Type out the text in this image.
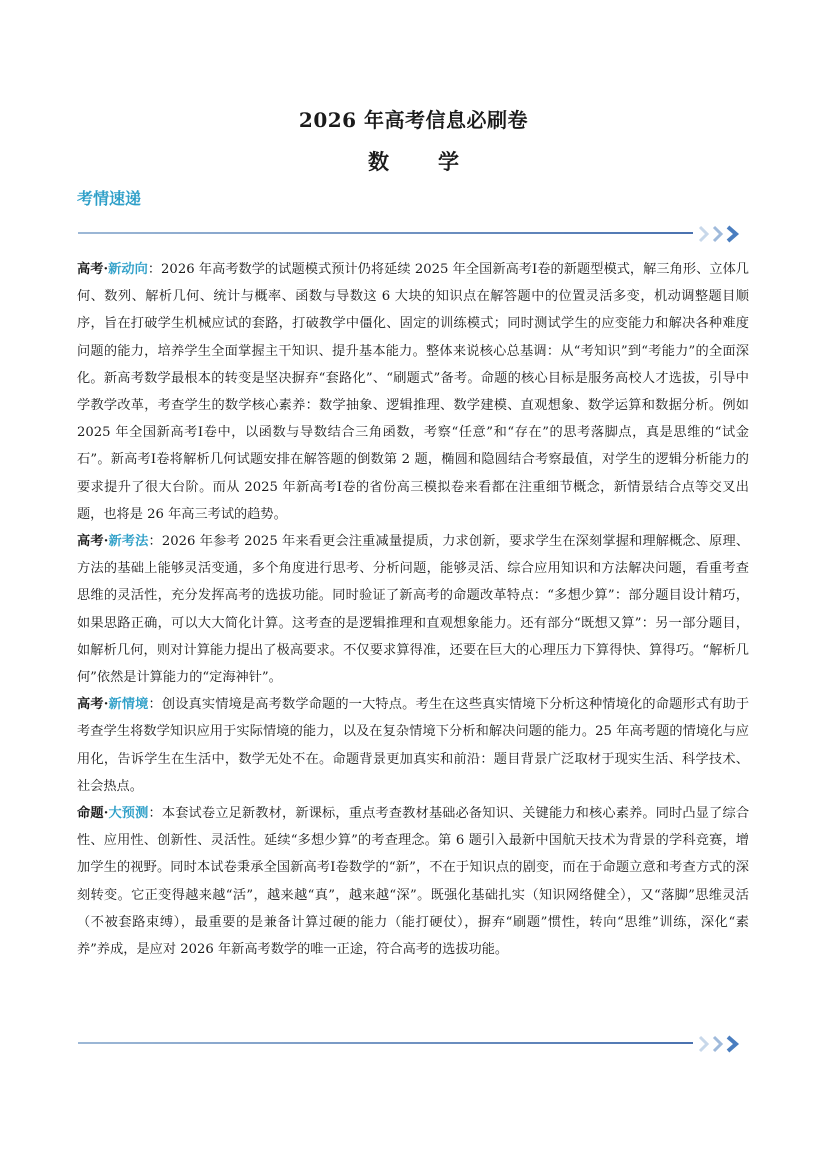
2026 年高考信息必刷卷
数　学
考情速递

高考·新动向：2026 年高考数学的试题模式预计仍将延续 2025 年全国新高考Ⅰ卷的新题型模式，解三角形、立体几何、数列、解析几何、统计与概率、函数与导数这 6 大块的知识点在解答题中的位置灵活多变，机动调整题目顺序，旨在打破学生机械应试的套路，打破教学中僵化、固定的训练模式；同时测试学生的应变能力和解决各种难度问题的能力，培养学生全面掌握主干知识、提升基本能力。整体来说核心总基调：从“考知识”到“考能力”的全面深化。新高考数学最根本的转变是坚决摒弃“套路化”、“刷题式”备考。命题的核心目标是服务高校人才选拔，引导中学教学改革，考查学生的数学核心素养：数学抽象、逻辑推理、数学建模、直观想象、数学运算和数据分析。例如 2025 年全国新高考Ⅰ卷中，以函数与导数结合三角函数，考察“任意”和“存在”的思考落脚点，真是思维的“试金石”。新高考Ⅰ卷将解析几何试题安排在解答题的倒数第 2 题，椭圆和隐圆结合考察最值，对学生的逻辑分析能力的要求提升了很大台阶。而从 2025 年新高考Ⅰ卷的省份高三模拟卷来看都在注重细节概念，新情景结合点等交叉出题，也将是 26 年高三考试的趋势。

高考·新考法：2026 年参考 2025 年来看更会注重减量提质，力求创新，要求学生在深刻掌握和理解概念、原理、方法的基础上能够灵活变通，多个角度进行思考、分析问题，能够灵活、综合应用知识和方法解决问题，看重考查思维的灵活性，充分发挥高考的选拔功能。同时验证了新高考的命题改革特点：“多想少算”：部分题目设计精巧，如果思路正确，可以大大简化计算。这考查的是逻辑推理和直观想象能力。还有部分“既想又算”：另一部分题目，如解析几何，则对计算能力提出了极高要求。不仅要求算得准，还要在巨大的心理压力下算得快、算得巧。“解析几何”依然是计算能力的“定海神针”。

高考·新情境：创设真实情境是高考数学命题的一大特点。考生在这些真实情境下分析这种情境化的命题形式有助于考查学生将数学知识应用于实际情境的能力，以及在复杂情境下分析和解决问题的能力。25 年高考题的情境化与应用化，告诉学生在生活中，数学无处不在。命题背景更加真实和前沿：题目背景广泛取材于现实生活、科学技术、社会热点。

命题·大预测：本套试卷立足新教材，新课标，重点考查教材基础必备知识、关键能力和核心素养。同时凸显了综合性、应用性、创新性、灵活性。延续“多想少算”的考查理念。第 6 题引入最新中国航天技术为背景的学科竞赛，增加学生的视野。同时本试卷秉承全国新高考Ⅰ卷数学的“新”，不在于知识点的剧变，而在于命题立意和考查方式的深刻转变。它正变得越来越“活”，越来越“真”，越来越“深”。既强化基础扎实（知识网络健全），又“落脚”思维灵活（不被套路束缚），最重要的是兼备计算过硬的能力（能打硬仗），摒弃“刷题”惯性，转向“思维”训练，深化“素养”养成，是应对 2026 年新高考数学的唯一正途，符合高考的选拔功能。
